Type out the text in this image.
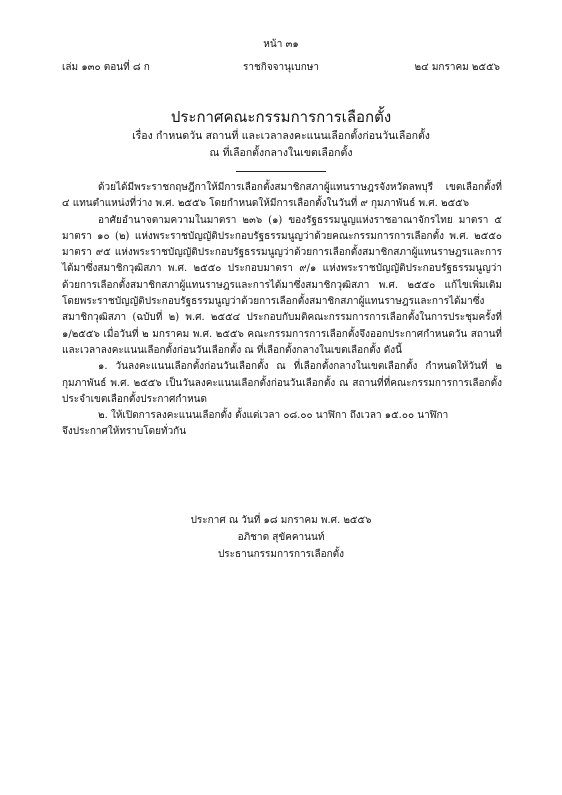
หน้า ๓๑
เล่ม ๑๓๐ ตอนที่ ๘ ก	ราชกิจจานุเบกษา	๒๔ มกราคม ๒๕๕๖
ประกาศคณะกรรมการการเลือกตั้ง
เรื่อง กำหนดวัน สถานที่ และเวลาลงคะแนนเลือกตั้งก่อนวันเลือกตั้ง
ณ ที่เลือกตั้งกลางในเขตเลือกตั้ง

ด้วยได้มีพระราชกฤษฎีกาให้มีการเลือกตั้งสมาชิกสภาผู้แทนราษฎรจังหวัดลพบุรี เขตเลือกตั้งที่ ๔ แทนตำแหน่งที่ว่าง พ.ศ. ๒๕๕๖ โดยกำหนดให้มีการเลือกตั้งในวันที่ ๙ กุมภาพันธ์ พ.ศ. ๒๕๕๖

อาศัยอำนาจตามความในมาตรา ๒๓๖ (๑) ของรัฐธรรมนูญแห่งราชอาณาจักรไทย มาตรา ๕ มาตรา ๑๐ (๒) แห่งพระราชบัญญัติประกอบรัฐธรรมนูญว่าด้วยคณะกรรมการการเลือกตั้ง พ.ศ. ๒๕๕๐ มาตรา ๙๕ แห่งพระราชบัญญัติประกอบรัฐธรรมนูญว่าด้วยการเลือกตั้งสมาชิกสภาผู้แทนราษฎรและการได้มาซึ่งสมาชิกวุฒิสภา พ.ศ. ๒๕๕๐ ประกอบมาตรา ๙/๑ แห่งพระราชบัญญัติประกอบรัฐธรรมนูญว่าด้วยการเลือกตั้งสมาชิกสภาผู้แทนราษฎรและการได้มาซึ่งสมาชิกวุฒิสภา พ.ศ. ๒๕๕๐ แก้ไขเพิ่มเติม โดยพระราชบัญญัติประกอบรัฐธรรมนูญว่าด้วยการเลือกตั้งสมาชิกสภาผู้แทนราษฎรและการได้มาซึ่งสมาชิกวุฒิสภา (ฉบับที่ ๒) พ.ศ. ๒๕๕๔ ประกอบกับมติคณะกรรมการการเลือกตั้งในการประชุมครั้งที่ ๑/๒๕๕๖ เมื่อวันที่ ๒ มกราคม พ.ศ. ๒๕๕๖ คณะกรรมการการเลือกตั้งจึงออกประกาศกำหนดวัน สถานที่และเวลาลงคะแนนเลือกตั้งก่อนวันเลือกตั้ง ณ ที่เลือกตั้งกลางในเขตเลือกตั้ง ดังนี้

๑. วันลงคะแนนเลือกตั้งก่อนวันเลือกตั้ง ณ ที่เลือกตั้งกลางในเขตเลือกตั้ง กำหนดให้วันที่ ๒ กุมภาพันธ์ พ.ศ. ๒๕๕๖ เป็นวันลงคะแนนเลือกตั้งก่อนวันเลือกตั้ง ณ สถานที่ที่คณะกรรมการการเลือกตั้งประจำเขตเลือกตั้งประกาศกำหนด

๒. ให้เปิดการลงคะแนนเลือกตั้ง ตั้งแต่เวลา ๐๘.๐๐ นาฬิกา ถึงเวลา ๑๕.๐๐ นาฬิกา

จึงประกาศให้ทราบโดยทั่วกัน

ประกาศ ณ วันที่ ๑๘ มกราคม พ.ศ. ๒๕๕๖
อภิชาต สุขัคคานนท์
ประธานกรรมการการเลือกตั้ง
